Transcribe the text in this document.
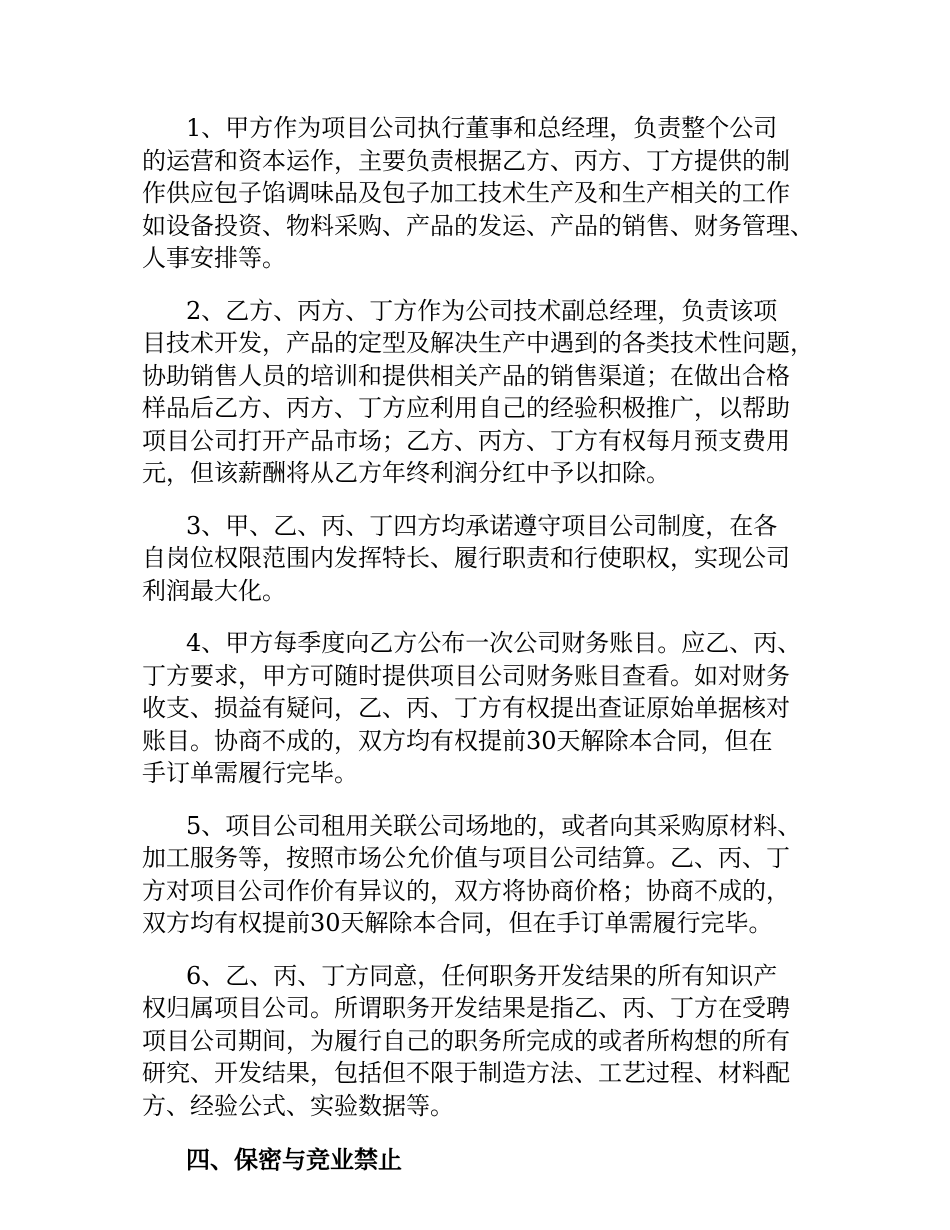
1、甲方作为项目公司执行董事和总经理，负责整个公司
的运营和资本运作，主要负责根据乙方、丙方、丁方提供的制
作供应包子馅调味品及包子加工技术生产及和生产相关的工作
如设备投资、物料采购、产品的发运、产品的销售、财务管理、
人事安排等。
2、乙方、丙方、丁方作为公司技术副总经理，负责该项
目技术开发，产品的定型及解决生产中遇到的各类技术性问题，
协助销售人员的培训和提供相关产品的销售渠道；在做出合格
样品后乙方、丙方、丁方应利用自己的经验积极推广，以帮助
项目公司打开产品市场；乙方、丙方、丁方有权每月预支费用
元，但该薪酬将从乙方年终利润分红中予以扣除。
3、甲、乙、丙、丁四方均承诺遵守项目公司制度，在各
自岗位权限范围内发挥特长、履行职责和行使职权，实现公司
利润最大化。
4、甲方每季度向乙方公布一次公司财务账目。应乙、丙、
丁方要求，甲方可随时提供项目公司财务账目查看。如对财务
收支、损益有疑问，乙、丙、丁方有权提出查证原始单据核对
账目。协商不成的，双方均有权提前30天解除本合同，但在
手订单需履行完毕。
5、项目公司租用关联公司场地的，或者向其采购原材料、
加工服务等，按照市场公允价值与项目公司结算。乙、丙、丁
方对项目公司作价有异议的，双方将协商价格；协商不成的，
双方均有权提前30天解除本合同，但在手订单需履行完毕。
6、乙、丙、丁方同意，任何职务开发结果的所有知识产
权归属项目公司。所谓职务开发结果是指乙、丙、丁方在受聘
项目公司期间，为履行自己的职务所完成的或者所构想的所有
研究、开发结果，包括但不限于制造方法、工艺过程、材料配
方、经验公式、实验数据等。
四、保密与竞业禁止
